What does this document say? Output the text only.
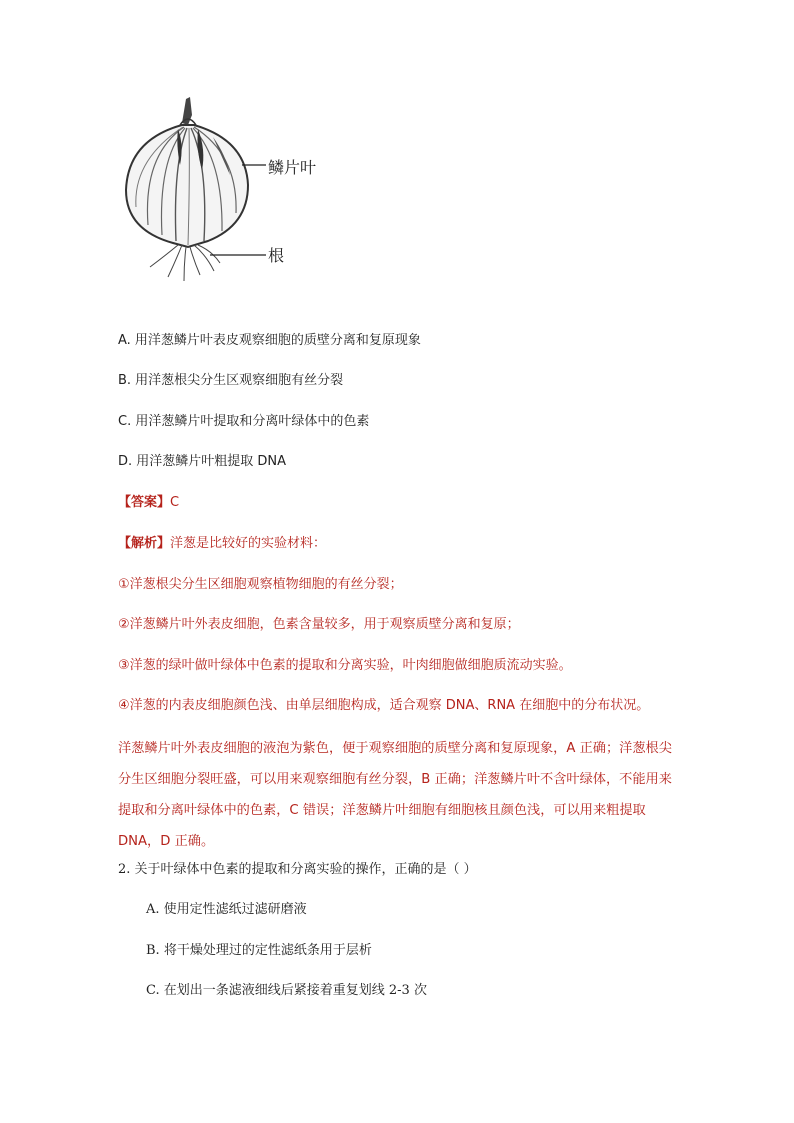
鳞片叶
根
A. 用洋葱鳞片叶表皮观察细胞的质壁分离和复原现象
B. 用洋葱根尖分生区观察细胞有丝分裂
C. 用洋葱鳞片叶提取和分离叶绿体中的色素
D. 用洋葱鳞片叶粗提取 DNA
【答案】C
【解析】洋葱是比较好的实验材料：
①洋葱根尖分生区细胞观察植物细胞的有丝分裂；
②洋葱鳞片叶外表皮细胞，色素含量较多，用于观察质壁分离和复原；
③洋葱的绿叶做叶绿体中色素的提取和分离实验，叶肉细胞做细胞质流动实验。
④洋葱的内表皮细胞颜色浅、由单层细胞构成，适合观察 DNA、RNA 在细胞中的分布状况。
洋葱鳞片叶外表皮细胞的液泡为紫色，便于观察细胞的质壁分离和复原现象，A 正确；洋葱根尖分生区细胞分裂旺盛，可以用来观察细胞有丝分裂，B 正确；洋葱鳞片叶不含叶绿体，不能用来提取和分离叶绿体中的色素，C 错误；洋葱鳞片叶细胞有细胞核且颜色浅，可以用来粗提取 DNA，D 正确。
2. 关于叶绿体中色素的提取和分离实验的操作，正确的是（ ）
A. 使用定性滤纸过滤研磨液
B. 将干燥处理过的定性滤纸条用于层析
C. 在划出一条滤液细线后紧接着重复划线 2-3 次
